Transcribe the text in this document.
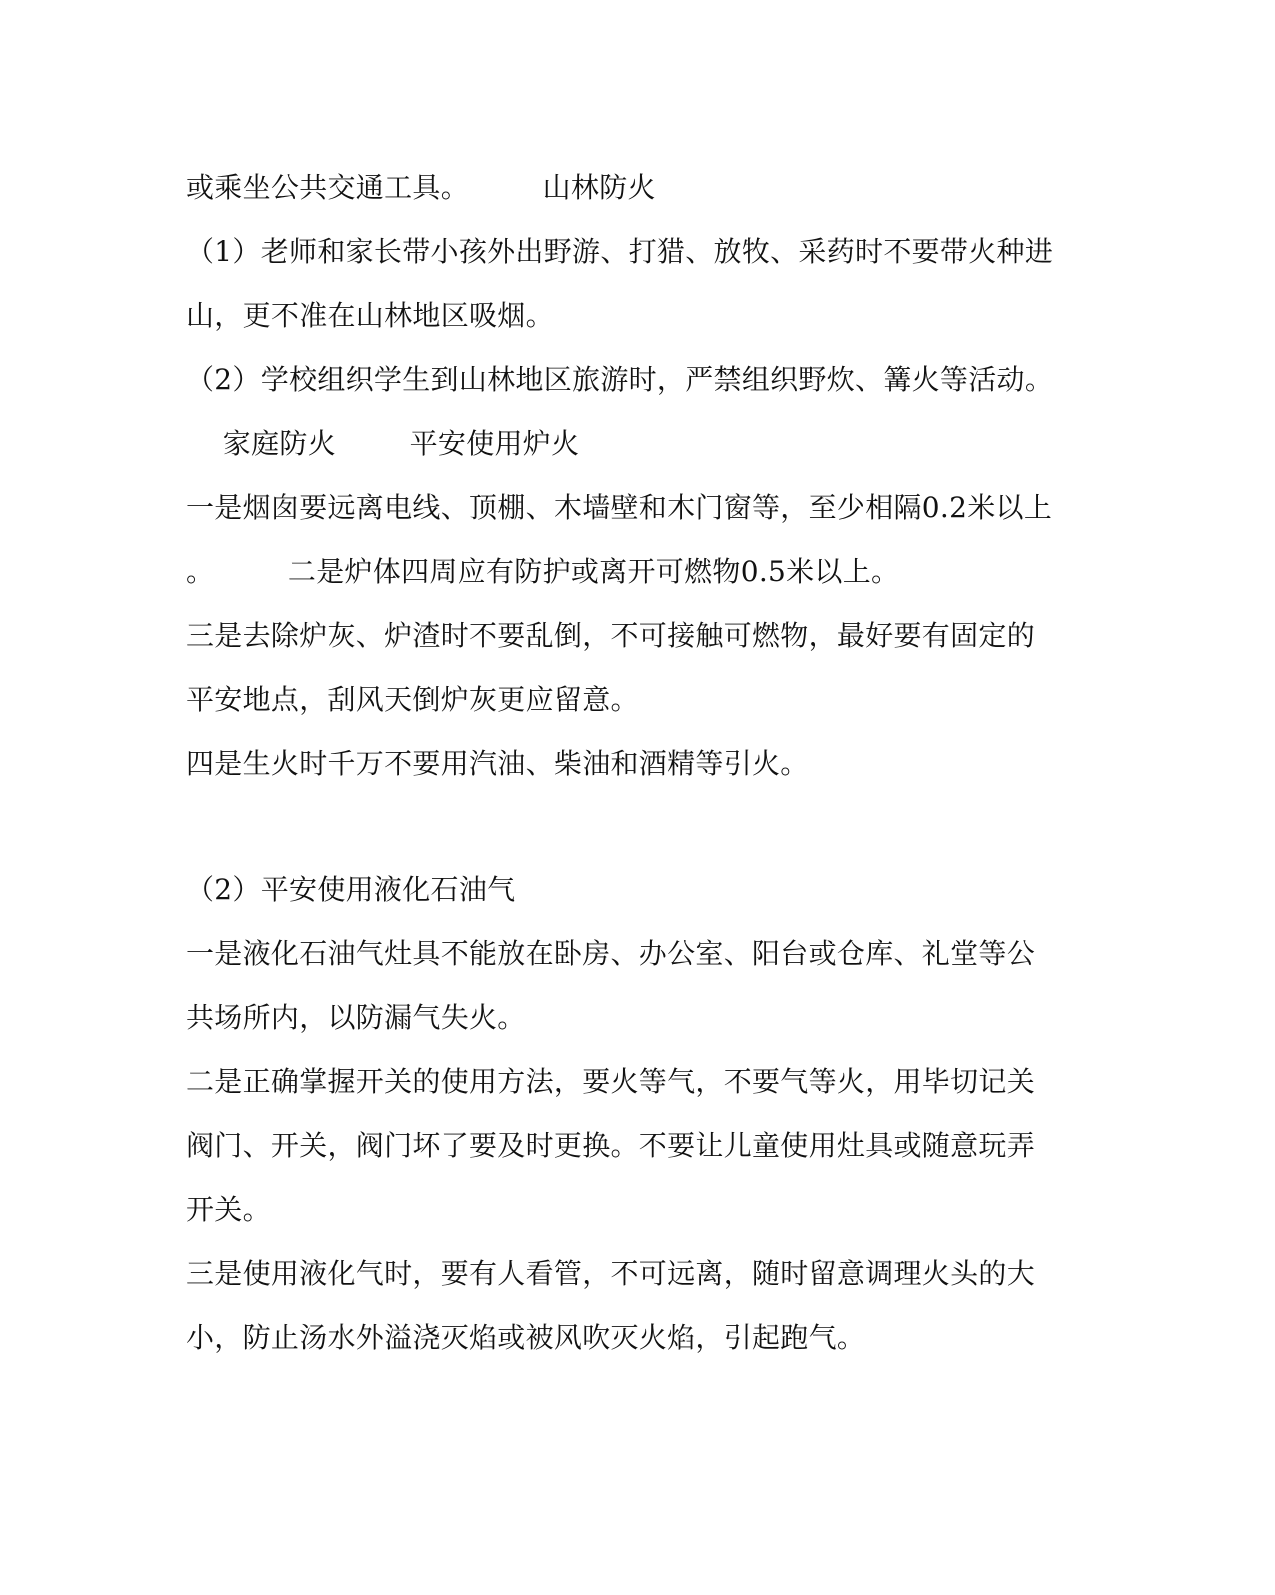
或乘坐公共交通工具。        山林防火
（1）老师和家长带小孩外出野游、打猎、放牧、采药时不要带火种进
山，更不准在山林地区吸烟。
（2）学校组织学生到山林地区旅游时，严禁组织野炊、篝火等活动。
家庭防火        平安使用炉火
一是烟囱要远离电线、顶棚、木墙壁和木门窗等，至少相隔0.2米以上
。        二是炉体四周应有防护或离开可燃物0.5米以上。
三是去除炉灰、炉渣时不要乱倒，不可接触可燃物，最好要有固定的
平安地点，刮风天倒炉灰更应留意。
四是生火时千万不要用汽油、柴油和酒精等引火。
（2）平安使用液化石油气
一是液化石油气灶具不能放在卧房、办公室、阳台或仓库、礼堂等公
共场所内，以防漏气失火。
二是正确掌握开关的使用方法，要火等气，不要气等火，用毕切记关
阀门、开关，阀门坏了要及时更换。不要让儿童使用灶具或随意玩弄
开关。
三是使用液化气时，要有人看管，不可远离，随时留意调理火头的大
小，防止汤水外溢浇灭焰或被风吹灭火焰，引起跑气。
